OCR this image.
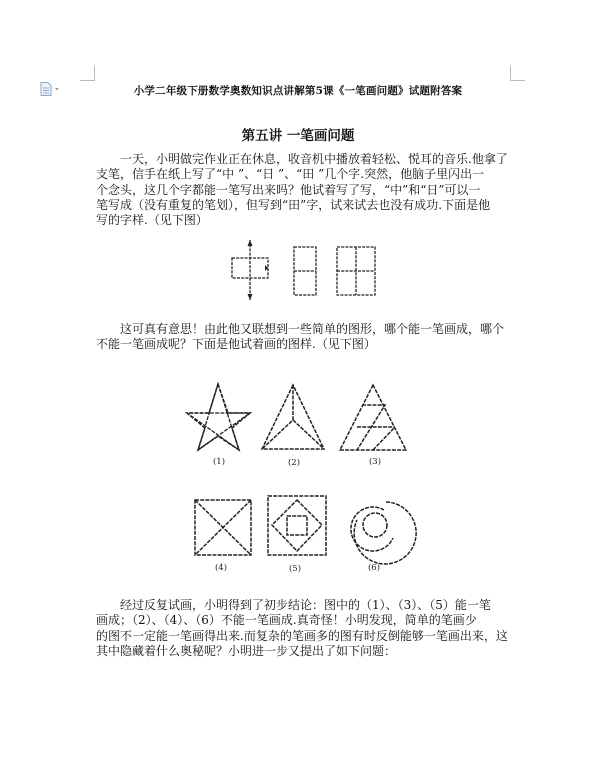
小学二年级下册数学奥数知识点讲解第5课《一笔画问题》试题附答案
第五讲 一笔画问题

一天，小明做完作业正在休息，收音机中播放着轻松、悦耳的音乐.他拿了
支笔，信手在纸上写了“中 ”、“日 ”、“田 ”几个字.突然，他脑子里闪出一
个念头，这几个字都能一笔写出来吗？他试着写了写，“中”和“日”可以一
笔写成（没有重复的笔划），但写到“田”字，试来试去也没有成功.下面是他
写的字样.（见下图）

这可真有意思！由此他又联想到一些简单的图形，哪个能一笔画成，哪个
不能一笔画成呢？下面是他试着画的图样.（见下图）

(1)	(2)	(3)
(4)	(5)	(6)

经过反复试画，小明得到了初步结论：图中的（1）、（3）、（5）能一笔
画成；（2）、（4）、（6）不能一笔画成.真奇怪！小明发现，简单的笔画少
的图不一定能一笔画得出来.而复杂的笔画多的图有时反倒能够一笔画出来，这
其中隐藏着什么奥秘呢？小明进一步又提出了如下问题：
